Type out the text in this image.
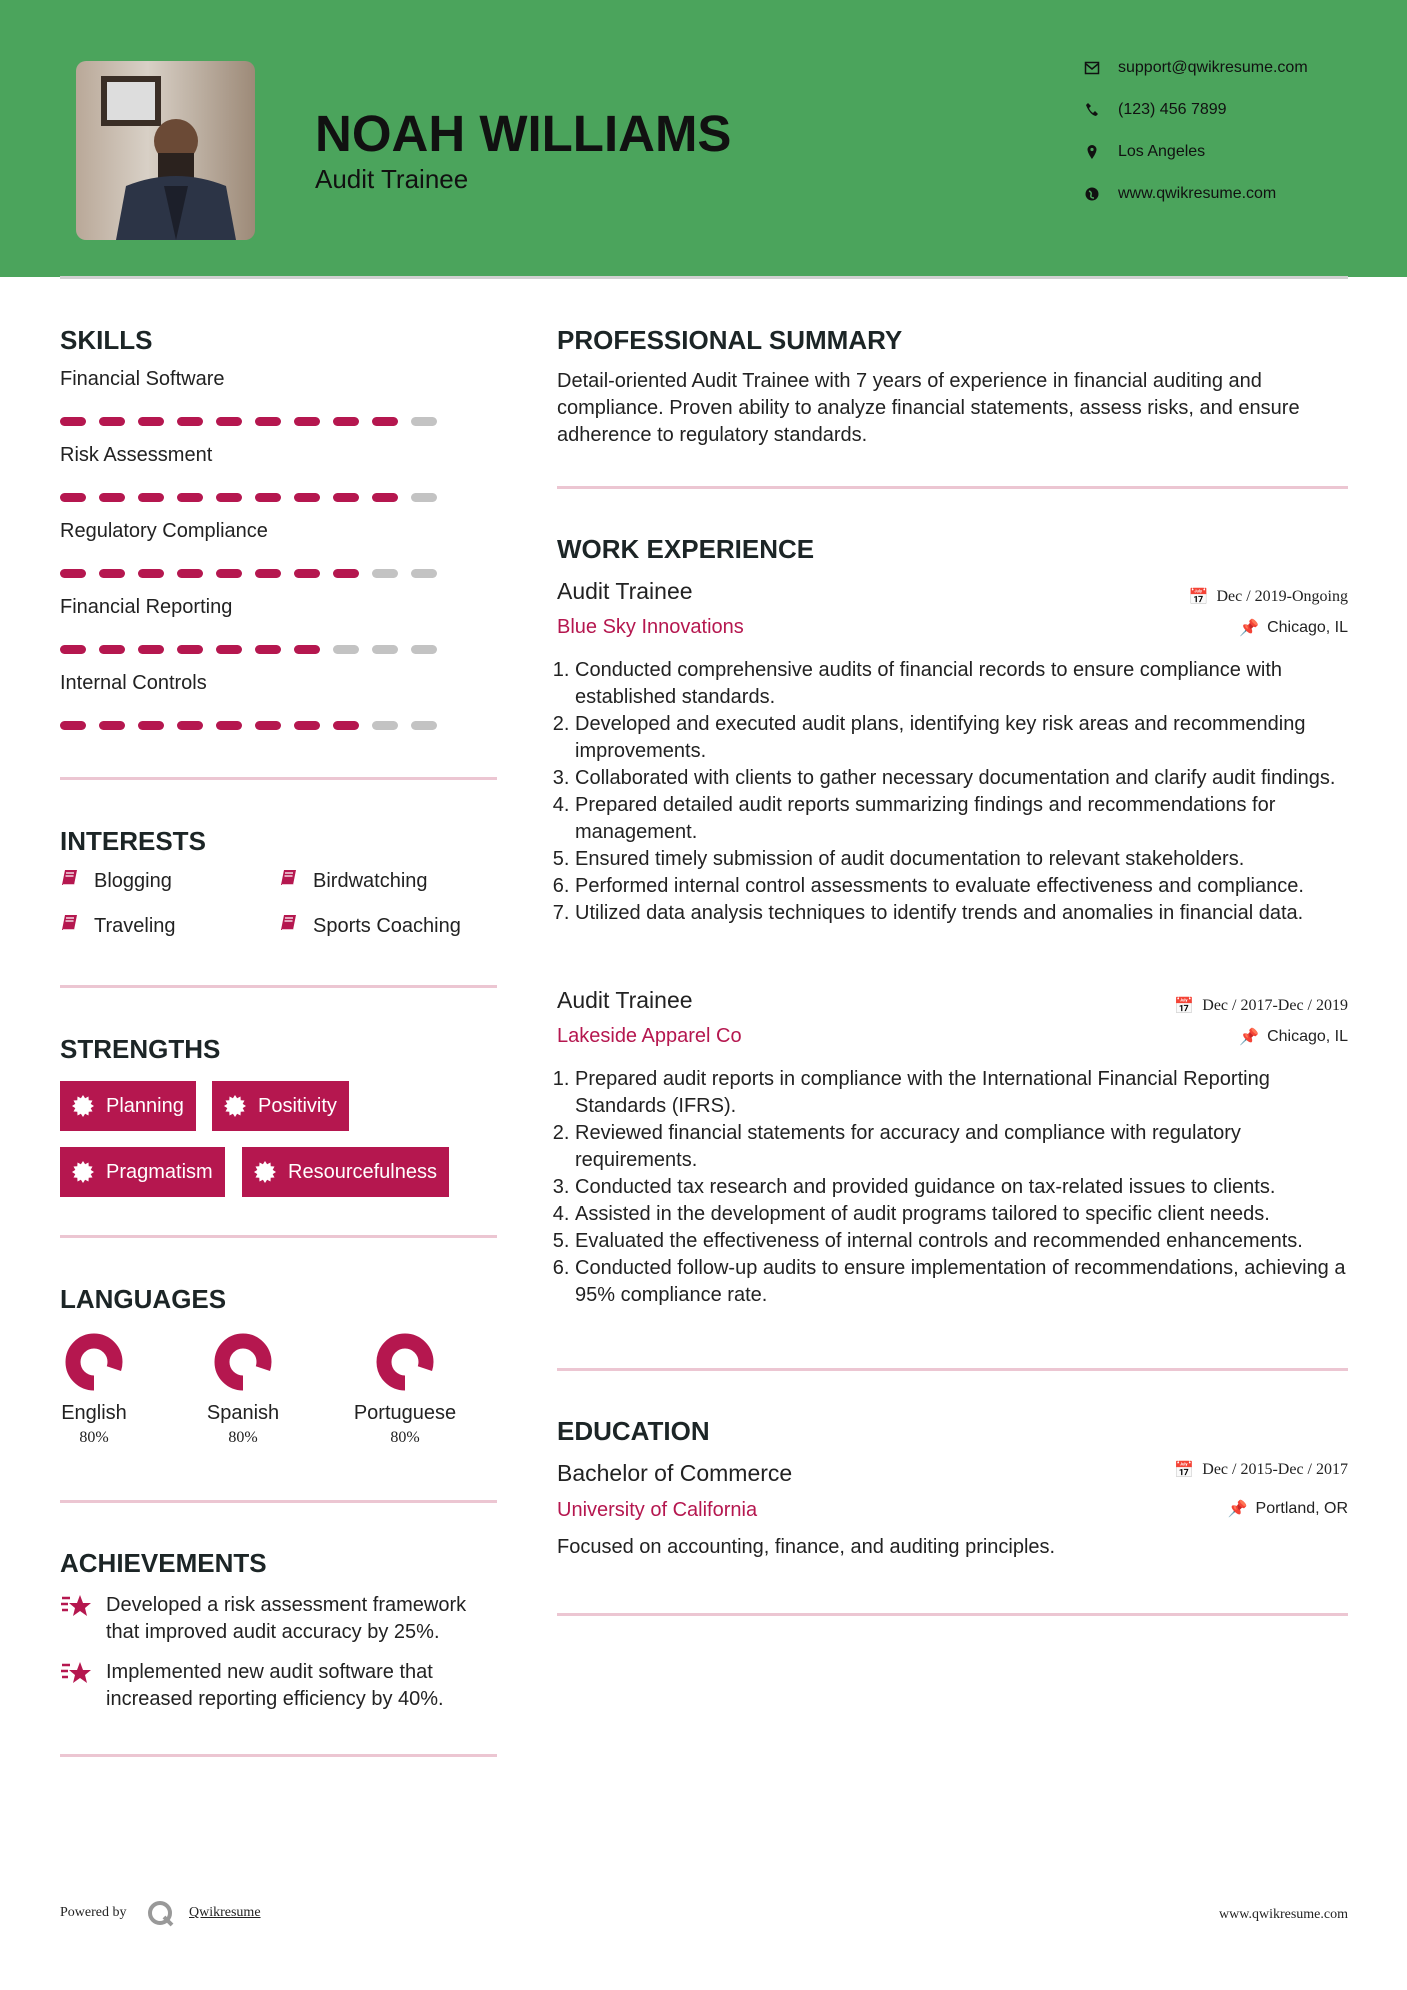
NOAH WILLIAMS
Audit Trainee
support@qwikresume.com
(123) 456 7899
Los Angeles
www.qwikresume.com
SKILLS
INTERESTS
STRENGTHS
LANGUAGES
ACHIEVEMENTS
PROFESSIONAL SUMMARY
Detail-oriented Audit Trainee with 7 years of experience in financial auditing and compliance. Proven ability to analyze financial statements, assess risks, and ensure adherence to regulatory standards.
WORK EXPERIENCE
EDUCATION
Bachelor of Commerce	📅 Dec / 2015-Dec / 2017
University of California	📌 Portland, OR
Focused on accounting, finance, and auditing principles.
Powered by	Qwikresume	www.qwikresume.com
Financial Software
Risk Assessment
Regulatory Compliance
Financial Reporting
Internal Controls
Blogging	Birdwatching
Traveling	Sports Coaching
Planning	Positivity
Pragmatism	Resourcefulness
English
80%
Spanish
80%
Portuguese
80%
Developed a risk assessment framework that improved audit accuracy by 25%.
Implemented new audit software that increased reporting efficiency by 40%.
Audit Trainee	📅 Dec / 2019-Ongoing
Blue Sky Innovations	📌 Chicago, IL
1. Conducted comprehensive audits of financial records to ensure compliance with established standards.
2. Developed and executed audit plans, identifying key risk areas and recommending improvements.
3. Collaborated with clients to gather necessary documentation and clarify audit findings.
4. Prepared detailed audit reports summarizing findings and recommendations for management.
5. Ensured timely submission of audit documentation to relevant stakeholders.
6. Performed internal control assessments to evaluate effectiveness and compliance.
7. Utilized data analysis techniques to identify trends and anomalies in financial data.
Audit Trainee	📅 Dec / 2017-Dec / 2019
Lakeside Apparel Co	📌 Chicago, IL
1. Prepared audit reports in compliance with the International Financial Reporting Standards (IFRS).
2. Reviewed financial statements for accuracy and compliance with regulatory requirements.
3. Conducted tax research and provided guidance on tax-related issues to clients.
4. Assisted in the development of audit programs tailored to specific client needs.
5. Evaluated the effectiveness of internal controls and recommended enhancements.
6. Conducted follow-up audits to ensure implementation of recommendations, achieving a 95% compliance rate.
